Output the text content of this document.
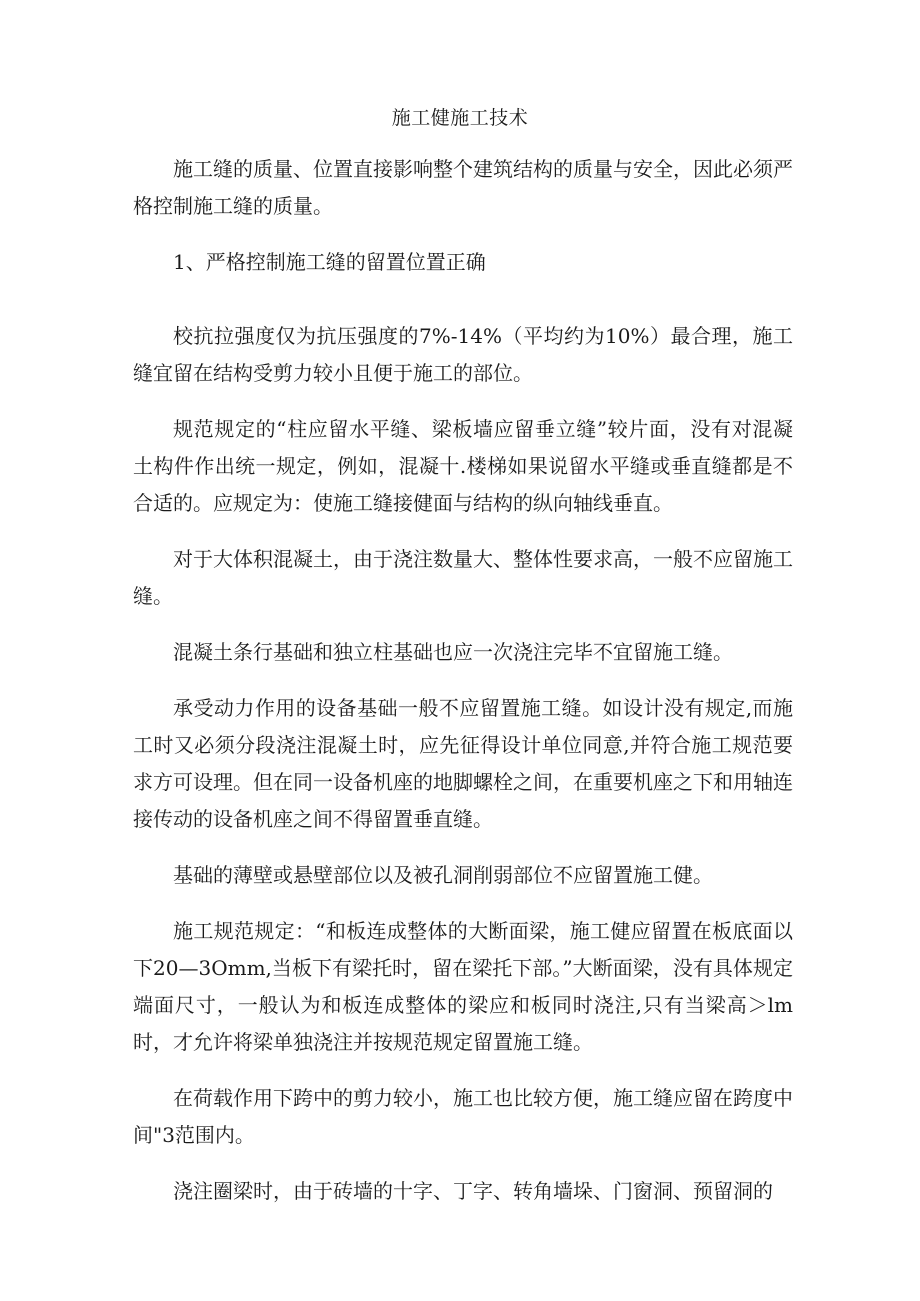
施工健施工技术

施工缝的质量、位置直接影响整个建筑结构的质量与安全，因此必须严格控制施工缝的质量。

1、严格控制施工缝的留置位置正确

校抗拉强度仅为抗压强度的7%-14%（平均约为10%）最合理，施工缝宜留在结构受剪力较小且便于施工的部位。

规范规定的“柱应留水平缝、梁板墙应留垂立缝”较片面，没有对混凝土构件作出统一规定，例如，混凝十.楼梯如果说留水平缝或垂直缝都是不合适的。应规定为：使施工缝接健面与结构的纵向轴线垂直。

对于大体积混凝土，由于浇注数量大、整体性要求高，一般不应留施工缝。

混凝土条行基础和独立柱基础也应一次浇注完毕不宜留施工缝。

承受动力作用的设备基础一般不应留置施工缝。如设计没有规定,而施工时又必须分段浇注混凝土时，应先征得设计单位同意,并符合施工规范要求方可设理。但在同一设备机座的地脚螺栓之间，在重要机座之下和用轴连接传动的设备机座之间不得留置垂直缝。

基础的薄壁或悬壁部位以及被孔洞削弱部位不应留置施工健。

施工规范规定：“和板连成整体的大断面梁，施工健应留置在板底面以下20—3Omm,当板下有梁托时，留在梁托下部。”大断面梁，没有具体规定端面尺寸，一般认为和板连成整体的梁应和板同时浇注,只有当梁高＞lm时，才允许将梁单独浇注并按规范规定留置施工缝。

在荷载作用下跨中的剪力较小，施工也比较方便，施工缝应留在跨度中间"3范围内。

浇注圈梁时，由于砖墙的十字、丁字、转角墙垛、门窗洞、预留洞的
